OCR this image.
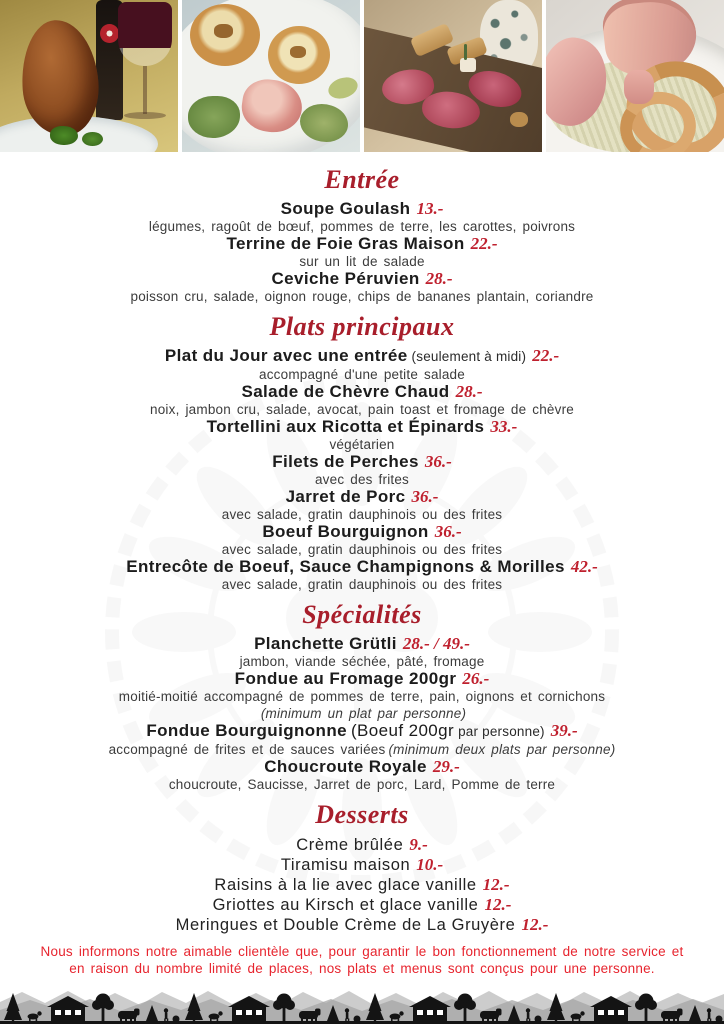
Entrée
Soupe Goulash 13.-
légumes, ragoût de bœuf, pommes de terre, les carottes, poivrons
Terrine de Foie Gras Maison 22.-
sur un lit de salade
Ceviche Péruvien 28.-
poisson cru, salade, oignon rouge, chips de bananes plantain, coriandre
Plats principaux
Plat du Jour avec une entrée (seulement à midi) 22.-
accompagné d'une petite salade
Salade de Chèvre Chaud 28.-
noix, jambon cru, salade, avocat, pain toast et fromage de chèvre
Tortellini aux Ricotta et Épinards 33.-
végétarien
Filets de Perches 36.-
avec des frites
Jarret de Porc 36.-
avec salade, gratin dauphinois ou des frites
Boeuf Bourguignon 36.-
avec salade, gratin dauphinois ou des frites
Entrecôte de Boeuf, Sauce Champignons & Morilles 42.-
avec salade, gratin dauphinois ou des frites
Spécialités
Planchette Grütli 28.- / 49.-
jambon, viande séchée, pâté, fromage
Fondue au Fromage 200gr 26.-
moitié-moitié accompagné de pommes de terre, pain, oignons et cornichons
(minimum un plat par personne)
Fondue Bourguignonne (Boeuf 200gr par personne) 39.-
accompagné de frites et de sauces variées (minimum deux plats par personne)
Choucroute Royale 29.-
choucroute, Saucisse, Jarret de porc, Lard, Pomme de terre
Desserts
Crème brûlée 9.-
Tiramisu maison 10.-
Raisins à la lie avec glace vanille 12.-
Griottes au Kirsch et glace vanille 12.-
Meringues et Double Crème de La Gruyère 12.-
Nous informons notre aimable clientèle que, pour garantir le bon fonctionnement de notre service et
en raison du nombre limité de places, nos plats et menus sont conçus pour une personne.
